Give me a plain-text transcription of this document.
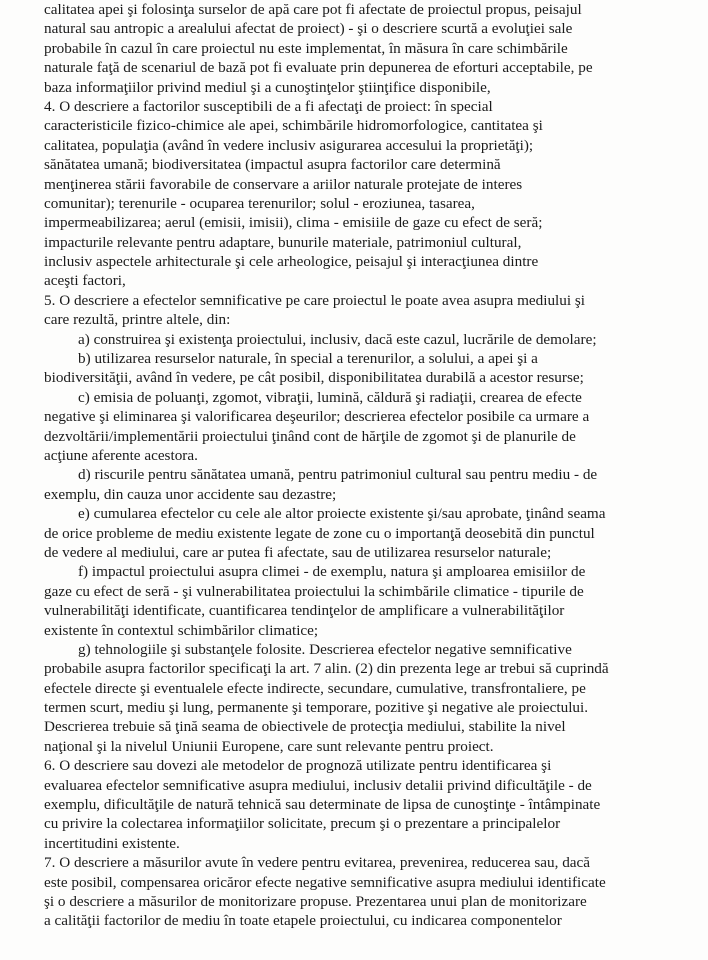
calitatea apei şi folosinţa surselor de apă care pot fi afectate de proiectul propus, peisajul
natural sau antropic a arealului afectat de proiect) - şi o descriere scurtă a evoluţiei sale
probabile în cazul în care proiectul nu este implementat, în măsura în care schimbările
naturale faţă de scenariul de bază pot fi evaluate prin depunerea de eforturi acceptabile, pe
baza informaţiilor privind mediul şi a cunoştinţelor ştiinţifice disponibile,
4. O descriere a factorilor susceptibili de a fi afectaţi de proiect: în special
caracteristicile fizico-chimice ale apei, schimbările hidromorfologice, cantitatea şi
calitatea, populaţia (având în vedere inclusiv asigurarea accesului la proprietăţi);
sănătatea umană; biodiversitatea (impactul asupra factorilor care determină
menţinerea stării favorabile de conservare a ariilor naturale protejate de interes
comunitar); terenurile - ocuparea terenurilor; solul - eroziunea, tasarea,
impermeabilizarea; aerul (emisii, imisii), clima - emisiile de gaze cu efect de seră;
impacturile relevante pentru adaptare, bunurile materiale, patrimoniul cultural,
inclusiv aspectele arhitecturale şi cele arheologice, peisajul şi interacţiunea dintre
aceşti factori,
5. O descriere a efectelor semnificative pe care proiectul le poate avea asupra mediului şi
care rezultă, printre altele, din:
a) construirea şi existenţa proiectului, inclusiv, dacă este cazul, lucrările de demolare;
b) utilizarea resurselor naturale, în special a terenurilor, a solului, a apei şi a
biodiversităţii, având în vedere, pe cât posibil, disponibilitatea durabilă a acestor resurse;
c) emisia de poluanţi, zgomot, vibraţii, lumină, căldură şi radiaţii, crearea de efecte
negative şi eliminarea şi valorificarea deşeurilor; descrierea efectelor posibile ca urmare a
dezvoltării/implementării proiectului ţinând cont de hărţile de zgomot şi de planurile de
acţiune aferente acestora.
d) riscurile pentru sănătatea umană, pentru patrimoniul cultural sau pentru mediu - de
exemplu, din cauza unor accidente sau dezastre;
e) cumularea efectelor cu cele ale altor proiecte existente şi/sau aprobate, ţinând seama
de orice probleme de mediu existente legate de zone cu o importanţă deosebită din punctul
de vedere al mediului, care ar putea fi afectate, sau de utilizarea resurselor naturale;
f) impactul proiectului asupra climei - de exemplu, natura şi amploarea emisiilor de
gaze cu efect de seră - şi vulnerabilitatea proiectului la schimbările climatice - tipurile de
vulnerabilităţi identificate, cuantificarea tendinţelor de amplificare a vulnerabilităţilor
existente în contextul schimbărilor climatice;
g) tehnologiile şi substanţele folosite. Descrierea efectelor negative semnificative
probabile asupra factorilor specificaţi la art. 7 alin. (2) din prezenta lege ar trebui să cuprindă
efectele directe şi eventualele efecte indirecte, secundare, cumulative, transfrontaliere, pe
termen scurt, mediu şi lung, permanente şi temporare, pozitive şi negative ale proiectului.
Descrierea trebuie să ţină seama de obiectivele de protecţia mediului, stabilite la nivel
naţional şi la nivelul Uniunii Europene, care sunt relevante pentru proiect.
6. O descriere sau dovezi ale metodelor de prognoză utilizate pentru identificarea şi
evaluarea efectelor semnificative asupra mediului, inclusiv detalii privind dificultăţile - de
exemplu, dificultăţile de natură tehnică sau determinate de lipsa de cunoştinţe - întâmpinate
cu privire la colectarea informaţiilor solicitate, precum şi o prezentare a principalelor
incertitudini existente.
7. O descriere a măsurilor avute în vedere pentru evitarea, prevenirea, reducerea sau, dacă
este posibil, compensarea oricăror efecte negative semnificative asupra mediului identificate
şi o descriere a măsurilor de monitorizare propuse. Prezentarea unui plan de monitorizare
a calităţii factorilor de mediu în toate etapele proiectului, cu indicarea componentelor
